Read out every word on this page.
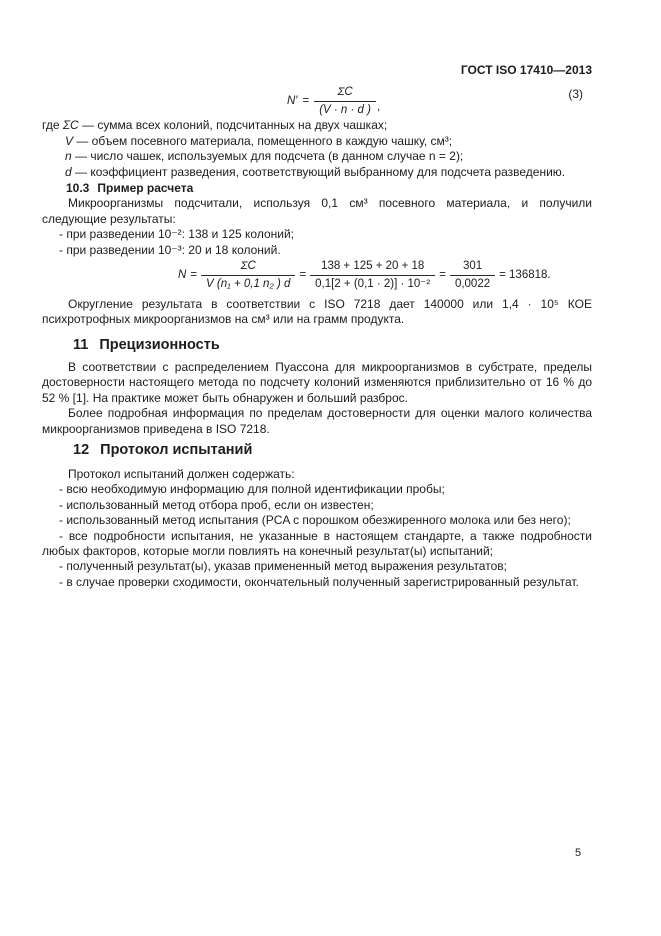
ГОСТ ISO 17410—2013
$N' = \frac{\Sigma C}{(V \cdot n \cdot d )}$ ,
(3)
где ΣC — сумма всех колоний, подсчитанных на двух чашках;
V — объем посевного материала, помещенного в каждую чашку, см³;
n — число чашек, используемых для подсчета (в данном случае n = 2);
d — коэффициент разведения, соответствующий выбранному для подсчета разведению.
10.3 Пример расчета

Микроорганизмы подсчитали, используя 0,1 см³ посевного материала, и получили следующие результаты:

- при разведении 10⁻²: 138 и 125 колоний;
- при разведении 10⁻³: 20 и 18 колоний.
$N = \frac{\Sigma C}{\text{V (n₁ + 0,1 n₂ ) d}} = \frac{138 + 125 + 20 + 18}{\text{0,1[2 + (0,1 · 2)] · 10⁻²}} = \frac{301}{0,0022} = 136818$.

Округление результата в соответствии с ISO 7218 дает 140000 или 1,4 · 10⁵ КОЕ психротрофных микроорганизмов на см³ или на грамм продукта.

11 Прецизионность

В соответствии с распределением Пуассона для микроорганизмов в субстрате, пределы достоверности настоящего метода по подсчету колоний изменяются приблизительно от 16 % до 52 % [1]. На практике может быть обнаружен и больший разброс.

Более подробная информация по пределам достоверности для оценки малого количества микроорганизмов приведена в ISO 7218.

12 Протокол испытаний

Протокол испытаний должен содержать:

- всю необходимую информацию для полной идентификации пробы;
- использованный метод отбора проб, если он известен;
- использованный метод испытания (PCA с порошком обезжиренного молока или без него);
- все подробности испытания, не указанные в настоящем стандарте, а также подробности любых факторов, которые могли повлиять на конечный результат(ы) испытаний;
- полученный результат(ы), указав примененный метод выражения результатов;
- в случае проверки сходимости, окончательный полученный зарегистрированный результат.
5
